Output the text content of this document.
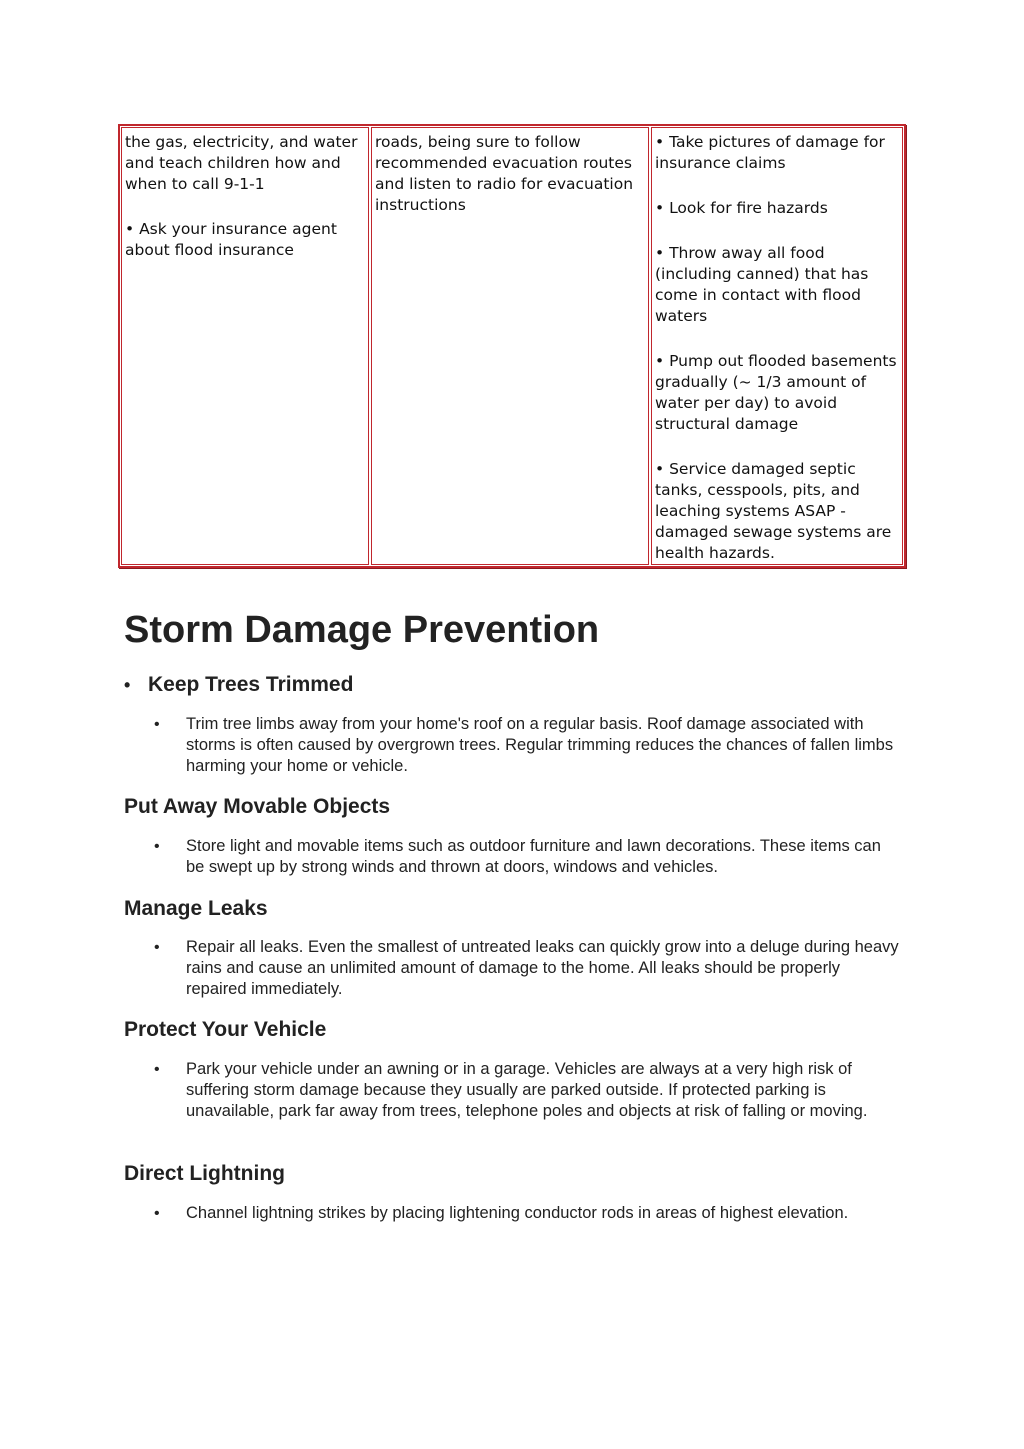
the gas, electricity, and water and teach children how and when to call 9-1-1

• Ask your insurance agent about flood insurance

roads, being sure to follow recommended evacuation routes and listen to radio for evacuation instructions

• Take pictures of damage for insurance claims

• Look for fire hazards

• Throw away all food (including canned) that has come in contact with flood waters

• Pump out flooded basements gradually (~ 1/3 amount of water per day) to avoid structural damage

• Service damaged septic tanks, cesspools, pits, and leaching systems ASAP - damaged sewage systems are health hazards.

Storm Damage Prevention
• Keep Trees Trimmed

• Trim tree limbs away from your home's roof on a regular basis. Roof damage associated with storms is often caused by overgrown trees. Regular trimming reduces the chances of fallen limbs harming your home or vehicle.

Put Away Movable Objects

• Store light and movable items such as outdoor furniture and lawn decorations. These items can be swept up by strong winds and thrown at doors, windows and vehicles.

Manage Leaks

• Repair all leaks. Even the smallest of untreated leaks can quickly grow into a deluge during heavy rains and cause an unlimited amount of damage to the home. All leaks should be properly repaired immediately.

Protect Your Vehicle

• Park your vehicle under an awning or in a garage. Vehicles are always at a very high risk of suffering storm damage because they usually are parked outside. If protected parking is unavailable, park far away from trees, telephone poles and objects at risk of falling or moving.

Direct Lightning

• Channel lightning strikes by placing lightening conductor rods in areas of highest elevation.
